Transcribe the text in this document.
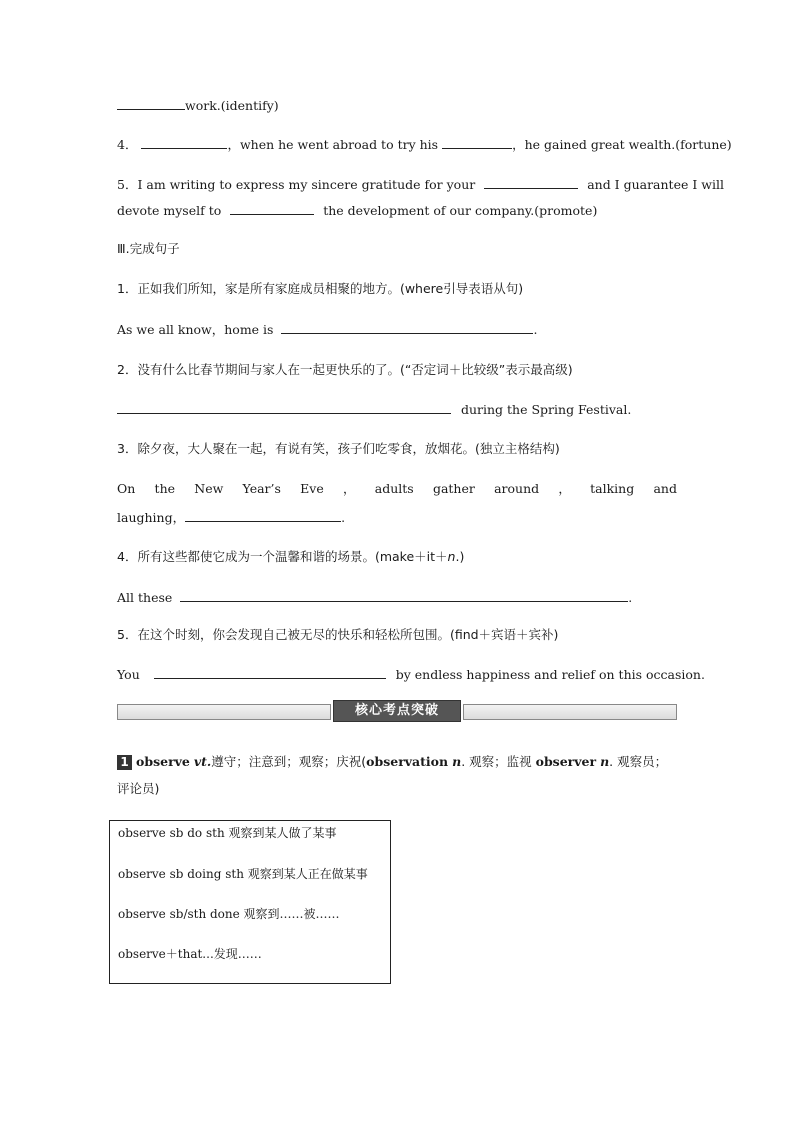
work.(identify)
4．	，when he went abroad to try his	，he gained great wealth.(fortune)
5．I am writing to express my sincere gratitude for your	and I guarantee I will
devote myself to	the development of our company.(promote)
Ⅲ.完成句子
1．正如我们所知，家是所有家庭成员相聚的地方。(where引导表语从句)
As we all know，home is	.
2．没有什么比春节期间与家人在一起更快乐的了。(“否定词＋比较级”表示最高级)
during the Spring Festival.
3．除夕夜，大人聚在一起，有说有笑，孩子们吃零食，放烟花。(独立主格结构)
On the New Year’s Eve ， adults gather around ， talking and
laughing，	.
4．所有这些都使它成为一个温馨和谐的场景。(make＋it＋n.)
All these	.
5．在这个时刻，你会发现自己被无尽的快乐和轻松所包围。(find＋宾语＋宾补)
You	by endless happiness and relief on this occasion.
核心考点突破
1 observe vt.遵守；注意到；观察；庆祝(observation n. 观察；监视 observer n. 观察员；
评论员)
observe sb do sth 观察到某人做了某事
observe sb doing sth 观察到某人正在做某事
observe sb/sth done 观察到……被……
observe＋that...发现……
